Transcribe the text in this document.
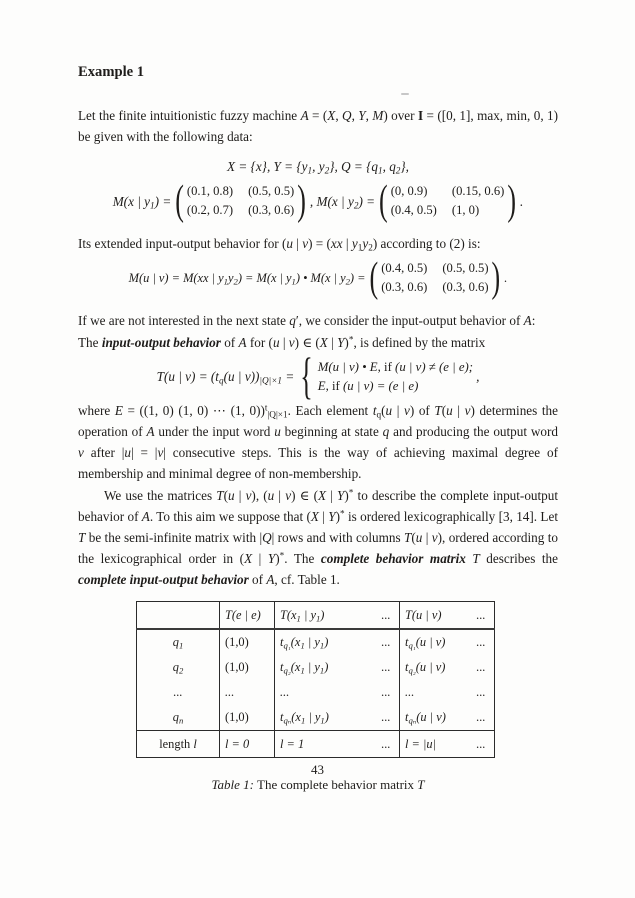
Example 1

Let the finite intuitionistic fuzzy machine A = (X, Q, Y, M) over I = ([0, 1], max, min, 0, 1) be given with the following data:

X = {x}, $Y = \{y_1$, $y_2$}, $Q = \{q_1$, $q_2$},
M(x | $y_1$) = ( (0.1, 0.8) (0.5, 0.5)
(0.2, 0.7) (0.3, 0.6) ) , M(x | $y_2$) = ( (0, 0.9) (0.15, 0.6)
(0.4, 0.5) (1, 0) ) .

Its extended input-output behavior for (u | v) = (xx | $y_1y_2$) according to (2) is:

M(u | v) = M(xx | $y_1y_2) = M(x$ | $y_1$) • M(x | $y_2$) = ( (0.4, 0.5) (0.5, 0.5)
(0.3, 0.6) (0.3, 0.6) ) .

If we are not interested in the next state q′, we consider the input-output behavior of A:

The input-output behavior of A for (u | v) ∈ (X | Y)*, is defined by the matrix

T(u | $v) = (t_q(u$ | $v))_{|Q|\times 1}$ = { M(u | v) • E, if (u | v) ≠ (e | e);
E, if (u | v) = (e | e)
,

where E = ((1, 0) (1, 0) ⋯ (1, 0))$^t_{|Q|\times 1}$. Each element $t_q(u$ | v) of T(u | v) determines the operation of A under the input word u beginning at state q and producing the output word v after |u| = |v| consecutive steps. This is the way of achieving maximal degree of membership and minimal degree of non-membership.

We use the matrices T(u | v), (u | v) ∈ (X | Y)* to describe the complete input-output behavior of A. To this aim we suppose that (X | Y)* is ordered lexicographically [3, 14]. Let T be the semi-infinite matrix with |Q| rows and with columns T(u | v), ordered according to the lexicographical order in (X | Y)*. The complete behavior matrix T describes the complete input-output behavior of A, cf. Table 1.

	T(e | e)	$T(x_1$ | $y_1$)	...	T(u | v)	...
$q_1$	(1,0)	$t_{q_1}(x_1$ | $y_1$)	...	$t_{q_1}(u$ | v)	...
$q_2$	(1,0)	$t_{q_2}(x_1$ | $y_1$)	...	$t_{q_2}(u$ | v)	...
...	...	...	...	...	...
$q_n$	(1,0)	$t_{q_n}(x_1$ | $y_1$)	...	$t_{q_n}(u$ | v)	...
length l	l = 0	l = 1	...	l = |u|	...
Table 1: The complete behavior matrix T
43
